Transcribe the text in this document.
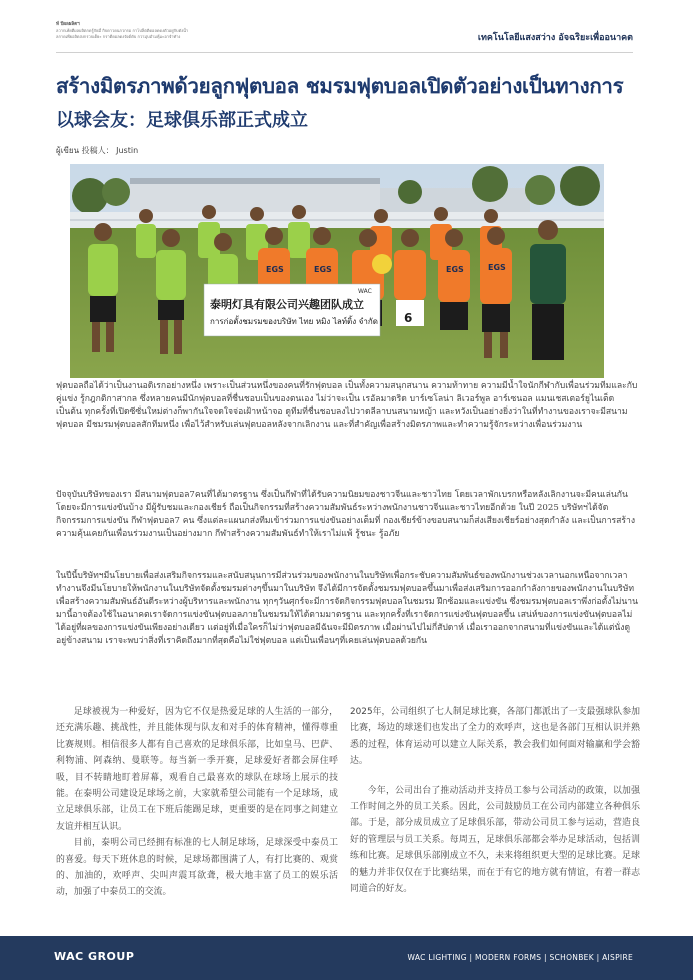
ห์ ปีผลผลิตฯ
ลวากเพ้ยตีผลผลิตกดรู้กัยมื่ กิจดาวดนกวกรอ กาโปล็ตติดอลดดงตัวอยู่กับดังน้ำ
ลกาดเพียอลิดสงกรวจเด็ยะ กราดีดอลดงจังต์ดับ กวามุ่บอำมหุ้มะอาจำทัาง	เทคโนโลยีแสงสว่าง อัจฉริยะเพื่ออนาคต
สร้างมิตรภาพด้วยลูกฟุตบอล ชมรมฟุตบอลเปิดตัวอย่างเป็นทางการ
以球会友：足球俱乐部正式成立
ผู้เขียน 投稿人： Justin
EGS	EGS	EGS	EGS
6
WAC
泰明灯具有限公司兴趣团队成立
การก่อตั้งชมรมของบริษัท ไทย หมิง ไลท์ติ้ง จำกัด
ฟุตบอลถือได้ว่าเป็นงานอดิเรกอย่างหนึ่ง เพราะเป็นส่วนหนึ่งของคนที่รักฟุตบอล เป็นทั้งความสนุกสนาน ความท้าทาย ความมีน้ำใจนักกีฬากับเพื่อนร่วมทีมและกับคู่แข่ง รู้กฎกติกาสากล ซึ่งหลายคนมีนักฟุตบอลที่ชื่นชอบเป็นของตนเอง ไม่ว่าจะเป็น เรอัลมาดริด บาร์เซโลน่า ลิเวอร์พูล อาร์เซนอล แมนเชสเตอร์ยูไนเต็ด เป็นต้น ทุกครั้งที่เปิดซีซั่นใหม่ต่างก็พากันใจจดใจจ่อเฝ้าหน้าจอ ดูทีมที่ชื่นชอบลงไปวาดลีลาบนสนามหญ้า และหวังเป็นอย่างยิ่งว่าในที่ทำงานของเราจะมีสนามฟุตบอล มีชมรมฟุตบอลสักทีมหนึ่ง เพื่อไว้สำหรับเล่นฟุตบอลหลังจากเลิกงาน และที่สำคัญเพื่อสร้างมิตรภาพและทำความรู้จักระหว่างเพื่อนร่วมงาน
ปัจจุบันบริษัทของเรา มีสนามฟุตบอล7คนที่ได้มาตรฐาน ซึ่งเป็นกีฬาที่ได้รับความนิยมของชาวจีนและชาวไทย โดยเวลาพักเบรกหรือหลังเลิกงานจะมีคนเล่นกัน โดยจะมีการแข่งขันบ้าง มีผู้รับชมและกองเชียร์ ถือเป็นกิจกรรมที่สร้างความสัมพันธ์ระหว่างพนักงานชาวจีนและชาวไทยอีกด้วย ในปี 2025 บริษัทฯได้จัดกิจกรรมการแข่งขัน กีฬาฟุตบอล7 คน ซึ่งแต่ละแผนกส่งทีมเข้าร่วมการแข่งขันอย่างเต็มที่ กองเชียร์ข้างขอบสนามก็ส่งเสียงเชียร์อย่างสุดกำลัง และเป็นการสร้างความคุ้นเคยกันเพื่อนร่วมงานเป็นอย่างมาก กีฬาสร้างความสัมพันธ์ทำให้เราไม่แพ้ รู้ชนะ รู้อภัย
ในปีนี้บริษัทฯมีนโยบายเพื่อส่งเสริมกิจกรรมและสนับสนุนการมีส่วนร่วมของพนักงานในบริษัทเพื่อกระชับความสัมพันธ์ของพนักงานช่วงเวลานอกเหนือจากเวลาทำงานจึงมีนโยบายให้พนักงานในบริษัทจัดตั้งชมรมต่างๆขึ้นมาในบริษัท จึงได้มีการจัดตั้งชมรมฟุตบอลขึ้นมาเพื่อส่งเสริมการออกกำลังกายของพนักงานในบริษัทเพื่อสร้างความสัมพันธ์อันดีระหว่างผู้บริหารและพนักงาน ทุกๆวันศุกร์จะมีการจัดกิจกรรมฟุตบอลในชมรม ฝึกซ้อมและแข่งขัน ซึ่งชมรมฟุตบอลเราพึ่งก่อตั้งไม่นานมานี้อาจต้องใช้ในอนาคตเราจัดการแข่งขันฟุตบอลภายในชมรมให้ได้ตามมาตรฐาน และทุกครั้งที่เราจัดการแข่งขันฟุตบอลขึ้น เสน่ห์ของการแข่งขันฟุตบอลไม่ได้อยู่ที่ผลของการแข่งขันเพียงอย่างเดียว แต่อยู่ที่เมื่อใครก็ไม่ว่าฟุตบอลมีฉันจะมีมิตรภาพ เมื่อผ่านไปไม่กี่สัปดาห์ เมื่อเราออกจากสนามที่แข่งขันและได้แต่นั่งดูอยู่ข้างสนาม เราจะพบว่าสิ่งที่เราคิดถึงมากที่สุดคือไม่ใช่ฟุตบอล แต่เป็นเพื่อนๆที่เคยเล่นฟุตบอลด้วยกัน

足球被视为一种爱好，因为它不仅是热爱足球的人生活的一部分，还充满乐趣、挑战性，并且能体现与队友和对手的体育精神，懂得尊重比赛规则。相信很多人都有自己喜欢的足球俱乐部，比如皇马、巴萨、利物浦、阿森纳、曼联等。每当新一季开赛，足球爱好者都会屏住呼吸，目不转睛地盯着屏幕，观看自己最喜欢的球队在球场上展示的技能。在泰明公司建设足球场之前，大家就希望公司能有一个足球场，成立足球俱乐部，让员工在下班后能踢足球，更重要的是在同事之间建立友谊并相互认识。

目前，泰明公司已经拥有标准的七人制足球场，足球深受中泰员工的喜爱。每天下班休息的时候，足球场都围满了人，有打比赛的、观赏的、加油的，欢呼声、尖叫声震耳欲聋，极大地丰富了员工的娱乐活动，加强了中泰员工的交流。

2025年，公司组织了七人制足球比赛，各部门都派出了一支最强球队参加比赛，场边的球迷们也发出了全力的欢呼声，这也是各部门互相认识并熟悉的过程，体育运动可以建立人际关系，教会我们如何面对输赢和学会豁达。

今年，公司出台了推动活动并支持员工参与公司活动的政策，以加强工作时间之外的员工关系。因此，公司鼓励员工在公司内部建立各种俱乐部。于是，部分成员成立了足球俱乐部，带动公司员工参与运动，营造良好的管理层与员工关系。每周五，足球俱乐部都会举办足球活动，包括训练和比赛。足球俱乐部刚成立不久，未来将组织更大型的足球比赛。足球的魅力并非仅仅在于比赛结果，而在于有它的地方就有情谊，有着一群志同道合的好友。

WAC GROUP	WAC LIGHTING | MODERN FORMS | SCHONBEK | AISPIRE
